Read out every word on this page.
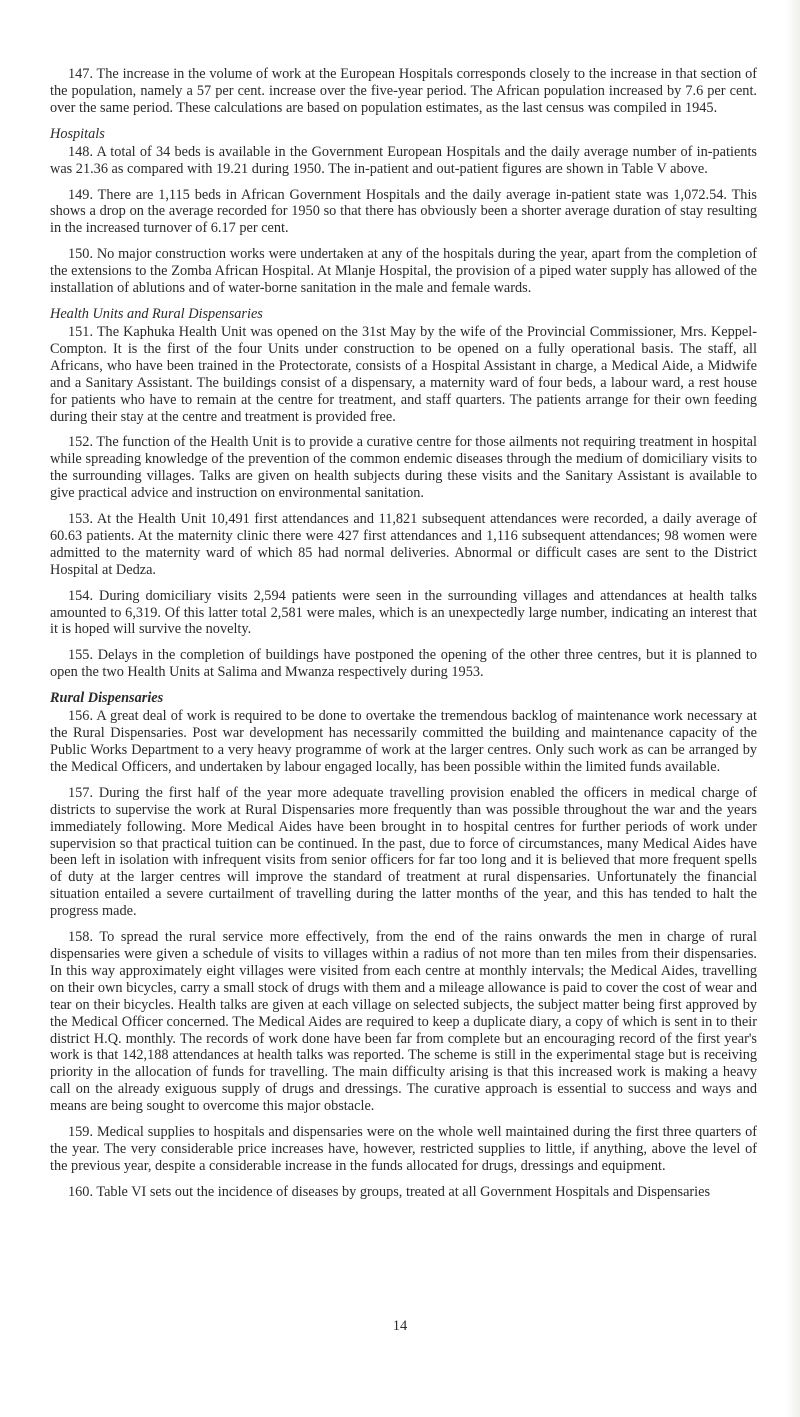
147. The increase in the volume of work at the European Hospitals corresponds closely to the increase in that section of the population, namely a 57 per cent. increase over the five-year period. The African population increased by 7.6 per cent. over the same period. These calculations are based on population estimates, as the last census was compiled in 1945.

Hospitals

148. A total of 34 beds is available in the Government European Hospitals and the daily average number of in-patients was 21.36 as compared with 19.21 during 1950. The in-patient and out-patient figures are shown in Table V above.

149. There are 1,115 beds in African Government Hospitals and the daily average in-patient state was 1,072.54. This shows a drop on the average recorded for 1950 so that there has obviously been a shorter average duration of stay resulting in the increased turnover of 6.17 per cent.

150. No major construction works were undertaken at any of the hospitals during the year, apart from the completion of the extensions to the Zomba African Hospital. At Mlanje Hospital, the provision of a piped water supply has allowed of the installation of ablutions and of water-borne sanitation in the male and female wards.

Health Units and Rural Dispensaries

151. The Kaphuka Health Unit was opened on the 31st May by the wife of the Provincial Commissioner, Mrs. Keppel-Compton. It is the first of the four Units under construction to be opened on a fully operational basis. The staff, all Africans, who have been trained in the Protectorate, consists of a Hospital Assistant in charge, a Medical Aide, a Midwife and a Sanitary Assistant. The buildings consist of a dispensary, a maternity ward of four beds, a labour ward, a rest house for patients who have to remain at the centre for treatment, and staff quarters. The patients arrange for their own feeding during their stay at the centre and treatment is provided free.

152. The function of the Health Unit is to provide a curative centre for those ailments not requiring treatment in hospital while spreading knowledge of the prevention of the common endemic diseases through the medium of domiciliary visits to the surrounding villages. Talks are given on health subjects during these visits and the Sanitary Assistant is available to give practical advice and instruction on environmental sanitation.

153. At the Health Unit 10,491 first attendances and 11,821 subsequent attendances were recorded, a daily average of 60.63 patients. At the maternity clinic there were 427 first attendances and 1,116 subsequent attendances; 98 women were admitted to the maternity ward of which 85 had normal deliveries. Abnormal or difficult cases are sent to the District Hospital at Dedza.

154. During domiciliary visits 2,594 patients were seen in the surrounding villages and attendances at health talks amounted to 6,319. Of this latter total 2,581 were males, which is an unexpectedly large number, indicating an interest that it is hoped will survive the novelty.

155. Delays in the completion of buildings have postponed the opening of the other three centres, but it is planned to open the two Health Units at Salima and Mwanza respectively during 1953.

Rural Dispensaries

156. A great deal of work is required to be done to overtake the tremendous backlog of maintenance work necessary at the Rural Dispensaries. Post war development has necessarily committed the building and maintenance capacity of the Public Works Department to a very heavy programme of work at the larger centres. Only such work as can be arranged by the Medical Officers, and undertaken by labour engaged locally, has been possible within the limited funds available.

157. During the first half of the year more adequate travelling provision enabled the officers in medical charge of districts to supervise the work at Rural Dispensaries more frequently than was possible throughout the war and the years immediately following. More Medical Aides have been brought in to hospital centres for further periods of work under supervision so that practical tuition can be continued. In the past, due to force of circumstances, many Medical Aides have been left in isolation with infrequent visits from senior officers for far too long and it is believed that more frequent spells of duty at the larger centres will improve the standard of treatment at rural dispensaries. Unfortunately the financial situation entailed a severe curtailment of travelling during the latter months of the year, and this has tended to halt the progress made.

158. To spread the rural service more effectively, from the end of the rains onwards the men in charge of rural dispensaries were given a schedule of visits to villages within a radius of not more than ten miles from their dispensaries. In this way approximately eight villages were visited from each centre at monthly intervals; the Medical Aides, travelling on their own bicycles, carry a small stock of drugs with them and a mileage allowance is paid to cover the cost of wear and tear on their bicycles. Health talks are given at each village on selected subjects, the subject matter being first approved by the Medical Officer concerned. The Medical Aides are required to keep a duplicate diary, a copy of which is sent in to their district H.Q. monthly. The records of work done have been far from complete but an encouraging record of the first year's work is that 142,188 attendances at health talks was reported. The scheme is still in the experimental stage but is receiving priority in the allocation of funds for travelling. The main difficulty arising is that this increased work is making a heavy call on the already exiguous supply of drugs and dressings. The curative approach is essential to success and ways and means are being sought to overcome this major obstacle.

159. Medical supplies to hospitals and dispensaries were on the whole well maintained during the first three quarters of the year. The very considerable price increases have, however, restricted supplies to little, if anything, above the level of the previous year, despite a considerable increase in the funds allocated for drugs, dressings and equipment.

160. Table VI sets out the incidence of diseases by groups, treated at all Government Hospitals and Dispensaries

14
